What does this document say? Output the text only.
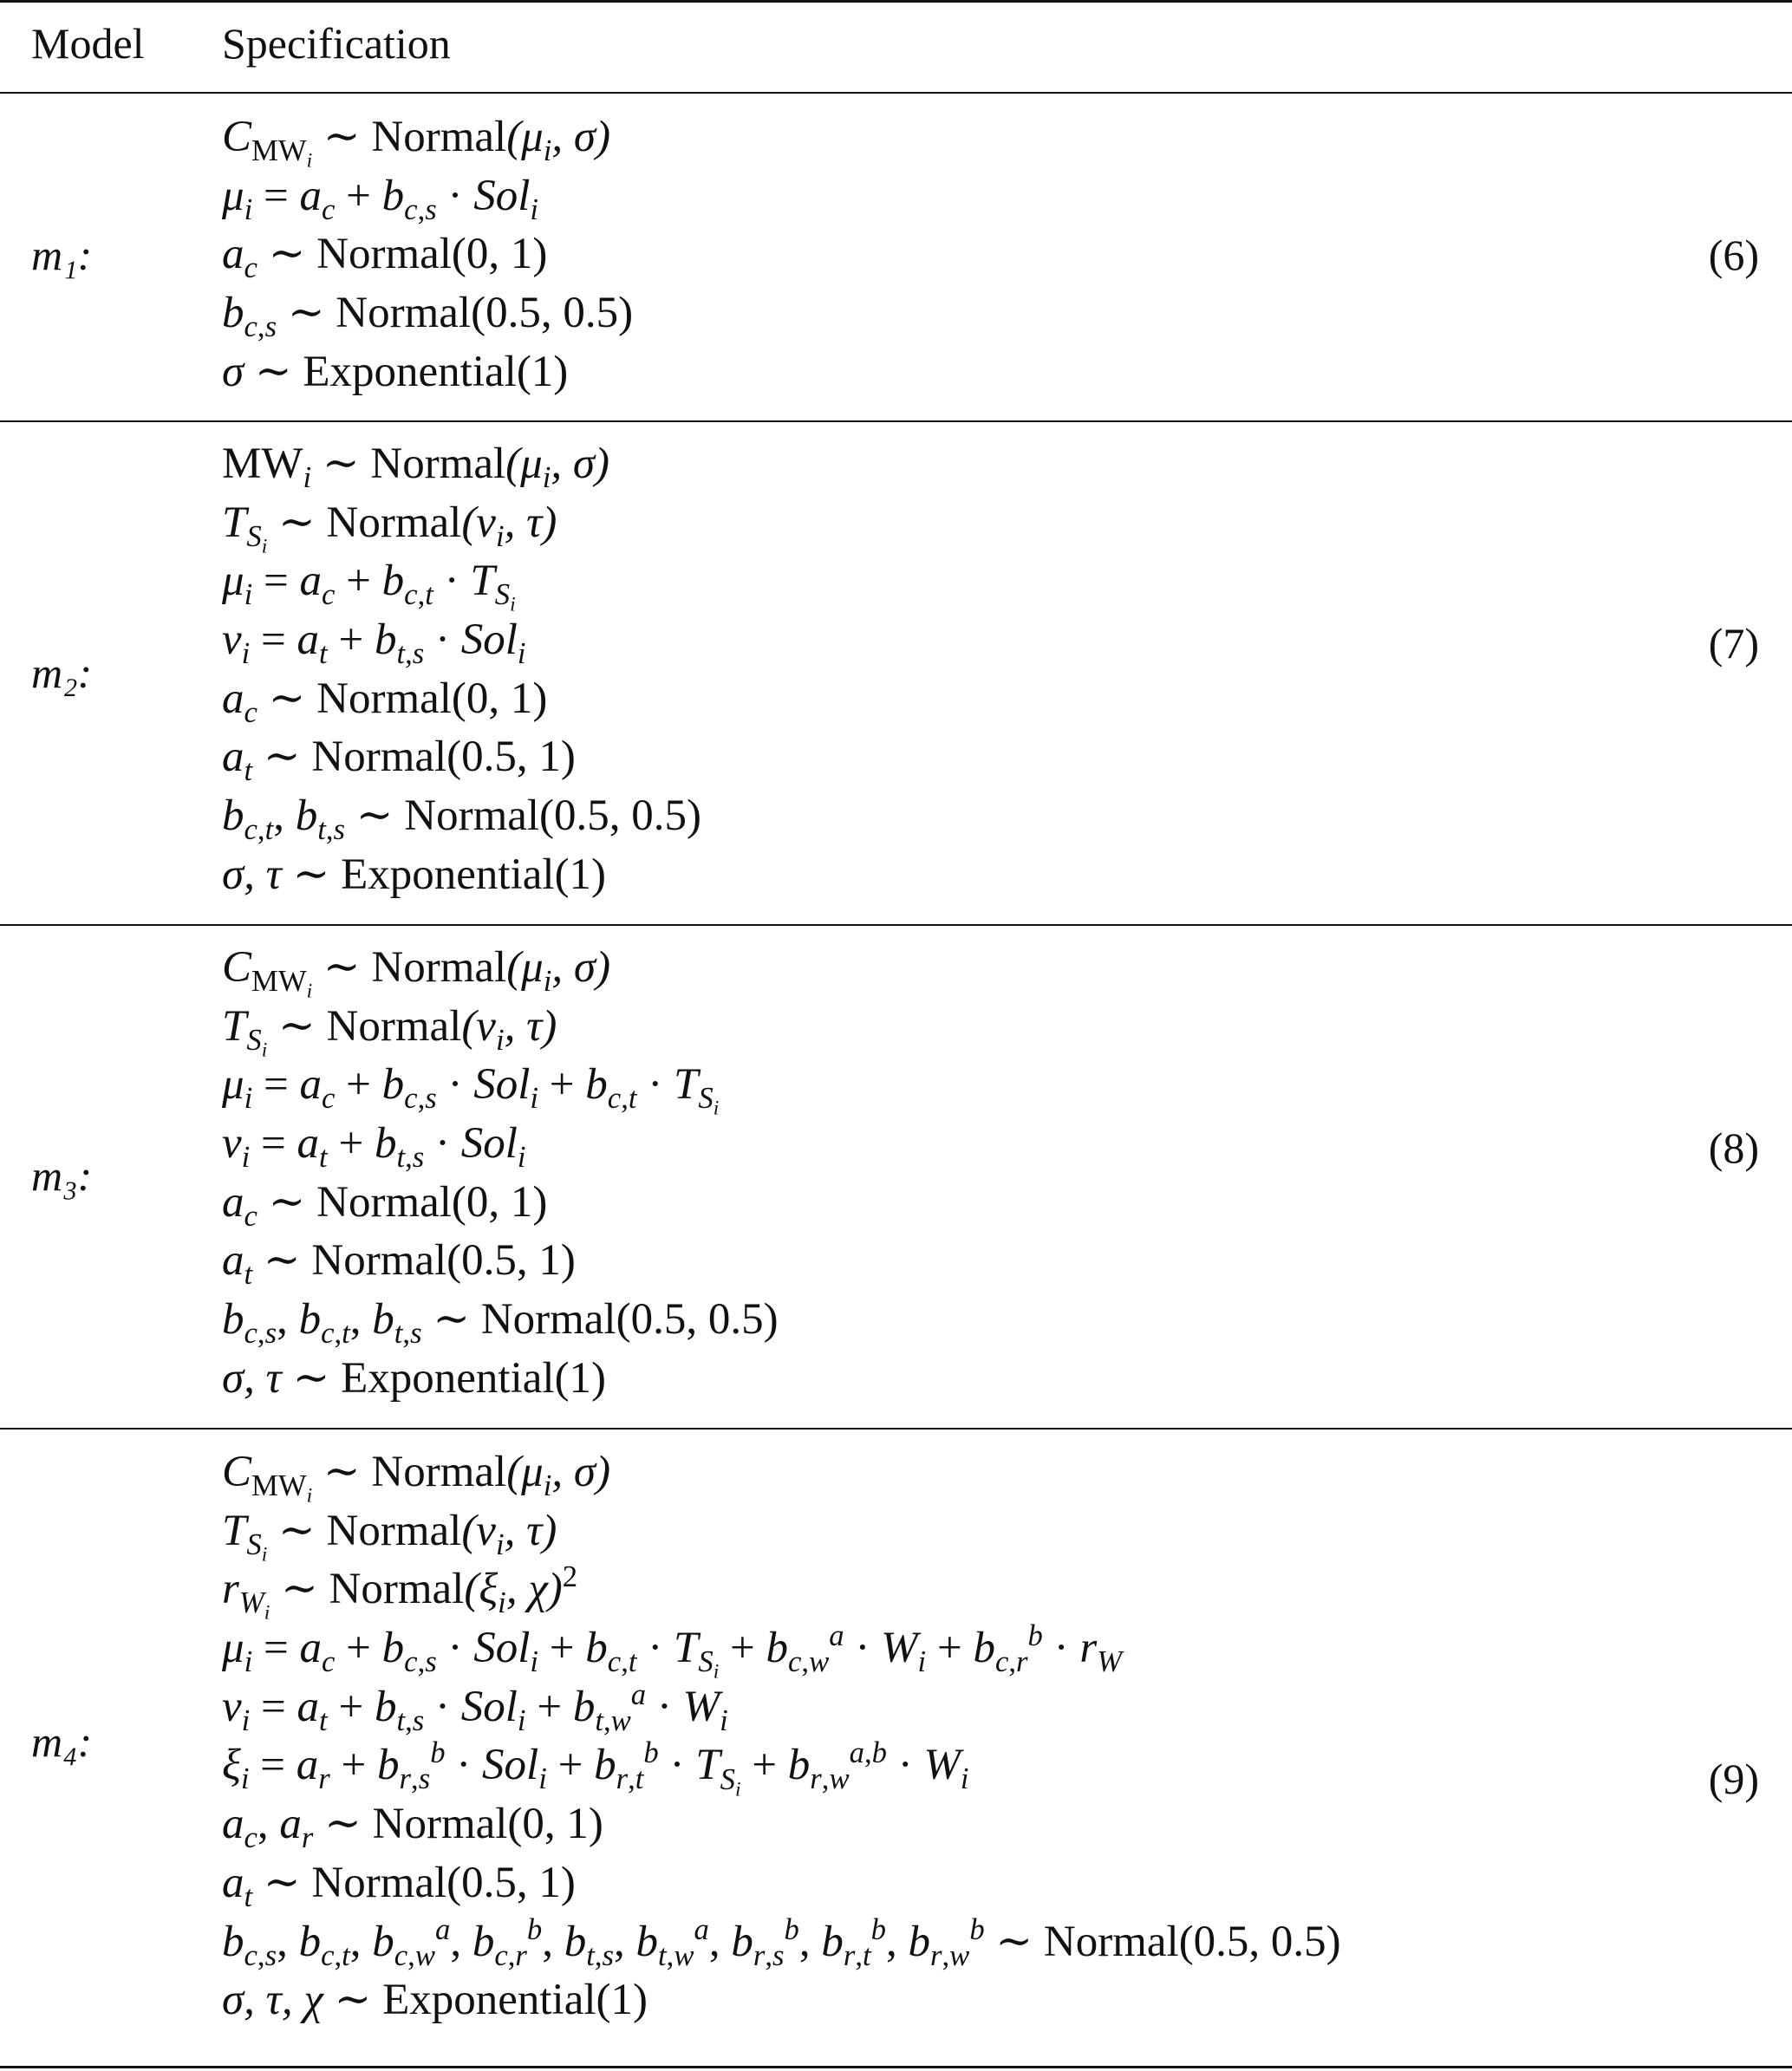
Model Specification
m₁:	(6)
$C_{MW_i}$ ∼ $Normal(\mu_i$, σ)
$\mu_i = a_c + b_{c,s} \cdot Sol_i$
$a_c$ ∼ Normal(0, 1)
$b_{c,s}$ ∼ Normal(0.5, 0.5)
σ ∼ Exponential(1)
m₂:
(7)
$MW_i$ ∼ $Normal(\mu_i$, σ)
$T_{S_i}$ ∼ $Normal(\nu_i$, τ)
$\mu_i = a_c + b_{c,t} \cdot T_{S_i}$
$\nu_i = a_t + b_{t,s} \cdot Sol_i$
$a_c$ ∼ Normal(0, 1)
$a_t$ ∼ Normal(0.5, 1)
$b_{c,t}$, $b_{t,s}$ ∼ Normal(0.5, 0.5)
σ, τ ∼ Exponential(1)
m₃:
(8)
$C_{MW_i}$ ∼ $Normal(\mu_i$, σ)
$T_{S_i}$ ∼ $Normal(\nu_i$, τ)
$\mu_i = a_c + b_{c,s} \cdot Sol_i + b_{c,t} \cdot T_{S_i}$
$\nu_i = a_t + b_{t,s} \cdot Sol_i$
$a_c$ ∼ Normal(0, 1)
$a_t$ ∼ Normal(0.5, 1)
$b_{c,s}$, $b_{c,t}$, $b_{t,s}$ ∼ Normal(0.5, 0.5)
σ, τ ∼ Exponential(1)
m₄:
(9)
$C_{MW_i}$ ∼ $Normal(\mu_i$, σ)
$T_{S_i}$ ∼ $Normal(\nu_i$, τ)
$r_{W_i}$ ∼ $Normal(\xi_i$, χ)$^2$
$\mu_i = a_c + b_{c,s} \cdot Sol_i + b_{c,t} \cdot T_{S_i} + b_{c,w}^a \cdot W_i + b_{c,r}^b \cdot r_W$
$\nu_i = a_t + b_{t,s} \cdot Sol_i + b_{t,w}^a \cdot W_i$
$\xi_i = a_r + b_{r,s}^b \cdot Sol_i + b_{r,t}^b \cdot T_{S_i} + b_{r,w}^{a,b} \cdot W_i$
$a_c$, $a_r$ ∼ Normal(0, 1)
$a_t$ ∼ Normal(0.5, 1)
$b_{c,s}$, $b_{c,t}$, $b_{c,w}^a$, $b_{c,r}^b$, $b_{t,s}$, $b_{t,w}^a$, $b_{r,s}^b$, $b_{r,t}^b$, $b_{r,w}^b$ ∼ Normal(0.5, 0.5)
σ, τ, χ ∼ Exponential(1)
